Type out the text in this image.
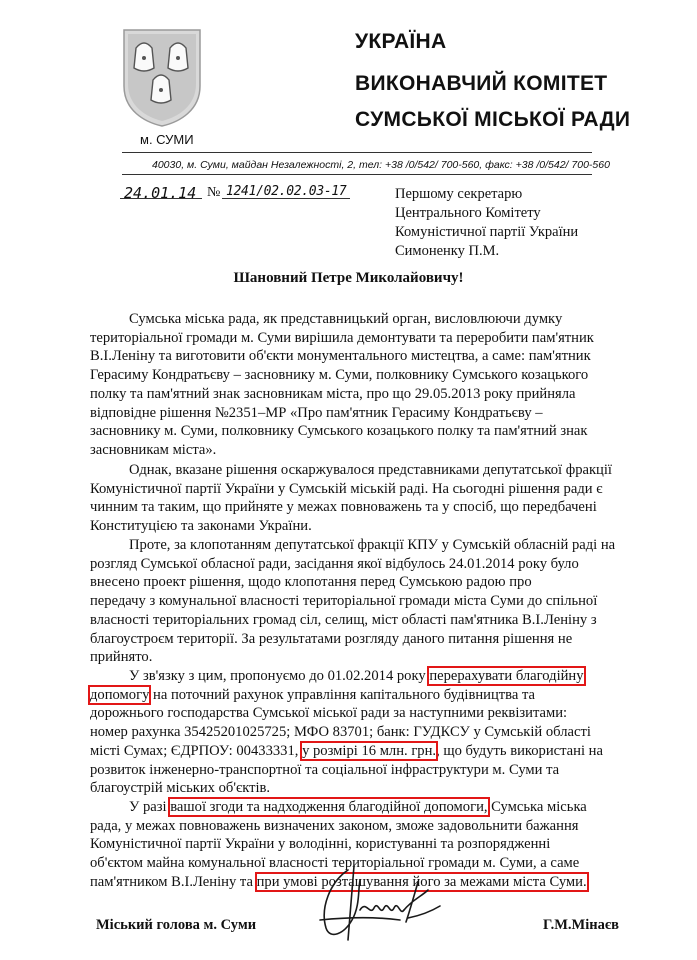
м. СУМИ
УКРАЇНА
ВИКОНАВЧИЙ КОМІТЕТ
СУМСЬКОЇ МІСЬКОЇ РАДИ
40030, м. Суми, майдан Незалежності, 2, тел: +38 /0/542/ 700-560, факс: +38 /0/542/ 700-560
24.01.14 № 1241/02.02.03-17	Першому секретарю
Центрального Комітету
Комуністичної партії України
Симоненку П.М.
Шановний Петре Миколайовичу!
Сумська міська рада, як представницький орган, висловлюючи думку
територіальної громади м. Суми вирішила демонтувати та переробити пам'ятник
В.І.Леніну та виготовити об'єкти монументального мистецтва, а саме: пам'ятник
Герасиму Кондратьєву – засновнику м. Суми, полковнику Сумського козацького
полку та пам'ятний знак засновникам міста, про що 29.05.2013 року прийняла
відповідне рішення №2351–МР «Про пам'ятник Герасиму Кондратьєву –
засновнику м. Суми, полковнику Сумського козацького полку та пам'ятний знак
засновникам міста».
Однак, вказане рішення оскаржувалося представниками депутатської фракції
Комуністичної партії України у Сумській міській раді. На сьогодні рішення ради є
чинним та таким, що прийняте у межах повноважень та у спосіб, що передбачені
Конституцією та законами України.
Проте, за клопотанням депутатської фракції КПУ у Сумській обласній раді на
розгляд Сумської обласної ради, засідання якої відбулось 24.01.2014 року було
внесено проект рішення, щодо клопотання перед Сумською радою про
передачу з комунальної власності територіальної громади міста Суми до спільної
власності територіальних громад сіл, селищ, міст області пам'ятника В.І.Леніну з
благоустроєм території. За результатами розгляду даного питання рішення не
прийнято.
У зв'язку з цим, пропонуємо до 01.02.2014 року перерахувати благодійну
допомогу на поточний рахунок управління капітального будівництва та
дорожнього господарства Сумської міської ради за наступними реквізитами:
номер рахунка 35425201025725; МФО 83701; банк: ГУДКСУ у Сумській області
місті Сумах; ЄДРПОУ: 00433331, у розмірі 16 млн. грн., що будуть використані на
розвиток інженерно-транспортної та соціальної інфраструктури м. Суми та
благоустрій міських об'єктів.
У разі вашої згоди та надходження благодійної допомоги, Сумська міська
рада, у межах повноважень визначених законом, зможе задовольнити бажання
Комуністичної партії України у володінні, користуванні та розпорядженні
об'єктом майна комунальної власності територіальної громади м. Суми, а саме
пам'ятником В.І.Леніну та при умові розташування його за межами міста Суми.
Міський голова м. Суми	Г.М.Мінаєв
